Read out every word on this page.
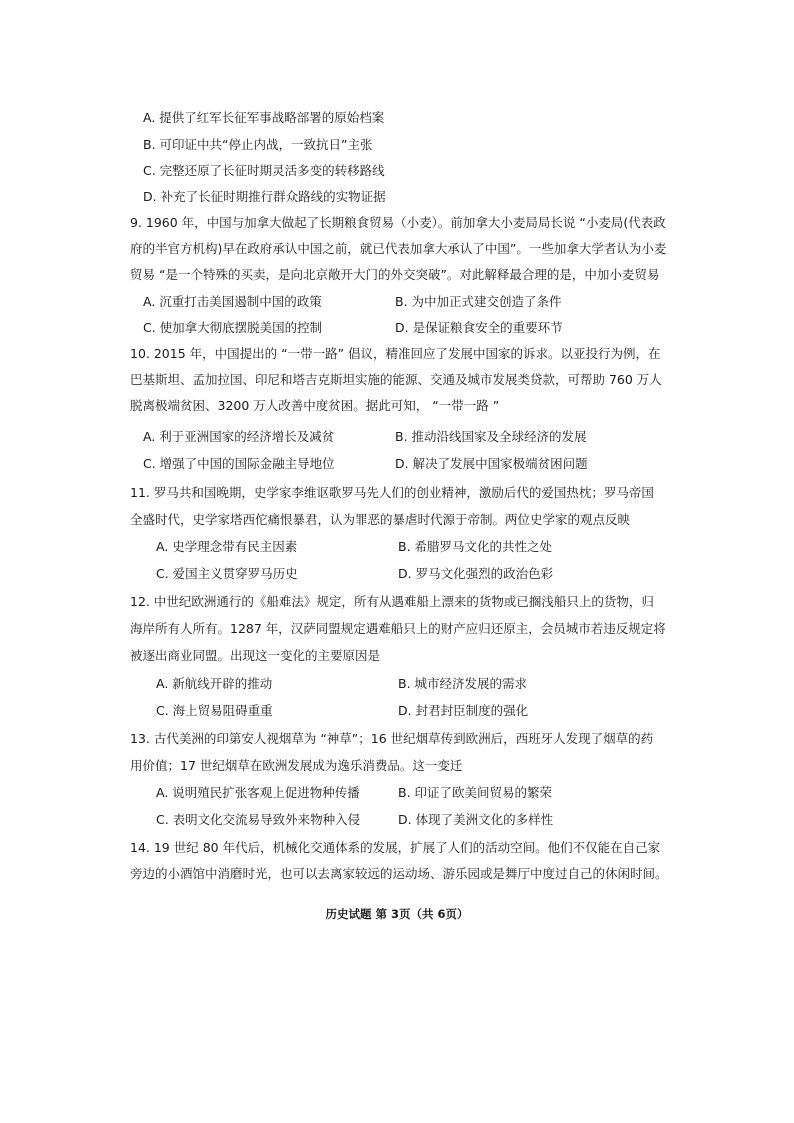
A. 提供了红军长征军事战略部署的原始档案
B. 可印证中共“停止内战，一致抗日”主张
C. 完整还原了长征时期灵活多变的转移路线
D. 补充了长征时期推行群众路线的实物证据
9. 1960 年，中国与加拿大做起了长期粮食贸易（小麦）。前加拿大小麦局局长说 “小麦局(代表政
府的半官方机构)早在政府承认中国之前，就已代表加拿大承认了中国”。一些加拿大学者认为小麦
贸易 “是一个特殊的买卖，是向北京敞开大门的外交突破”。对此解释最合理的是，中加小麦贸易
A. 沉重打击美国遏制中国的政策	B. 为中加正式建交创造了条件
C. 使加拿大彻底摆脱美国的控制	D. 是保证粮食安全的重要环节
10. 2015 年，中国提出的 “一带一路” 倡议，精准回应了发展中国家的诉求。以亚投行为例，在
巴基斯坦、孟加拉国、印尼和塔吉克斯坦实施的能源、交通及城市发展类贷款，可帮助 760 万人
脱离极端贫困、3200 万人改善中度贫困。据此可知， “一带一路 ”
A. 利于亚洲国家的经济增长及减贫	B. 推动沿线国家及全球经济的发展
C. 增强了中国的国际金融主导地位	D. 解决了发展中国家极端贫困问题
11. 罗马共和国晚期，史学家李维讴歌罗马先人们的创业精神，激励后代的爱国热枕；罗马帝国
全盛时代，史学家塔西佗痛恨暴君，认为罪恶的暴虐时代源于帝制。两位史学家的观点反映
A. 史学理念带有民主因素	B. 希腊罗马文化的共性之处
C. 爱国主义贯穿罗马历史	D. 罗马文化强烈的政治色彩
12. 中世纪欧洲通行的《船难法》规定，所有从遇难船上漂来的货物或已搁浅船只上的货物，归
海岸所有人所有。1287 年，汉萨同盟规定遇难船只上的财产应归还原主，会员城市若违反规定将
被逐出商业同盟。出现这一变化的主要原因是
A. 新航线开辟的推动	B. 城市经济发展的需求
C. 海上贸易阻碍重重	D. 封君封臣制度的强化
13. 古代美洲的印第安人视烟草为 “神草”；16 世纪烟草传到欧洲后，西班牙人发现了烟草的药
用价值；17 世纪烟草在欧洲发展成为逸乐消费品。这一变迁
A. 说明殖民扩张客观上促进物种传播	B. 印证了欧美间贸易的繁荣
C. 表明文化交流易导致外来物种入侵	D. 体现了美洲文化的多样性
14. 19 世纪 80 年代后，机械化交通体系的发展，扩展了人们的活动空间。他们不仅能在自己家
旁边的小酒馆中消磨时光，也可以去离家较远的运动场、游乐园或是舞厅中度过自己的休闲时间。
历史试题 第 3页（共 6页）
